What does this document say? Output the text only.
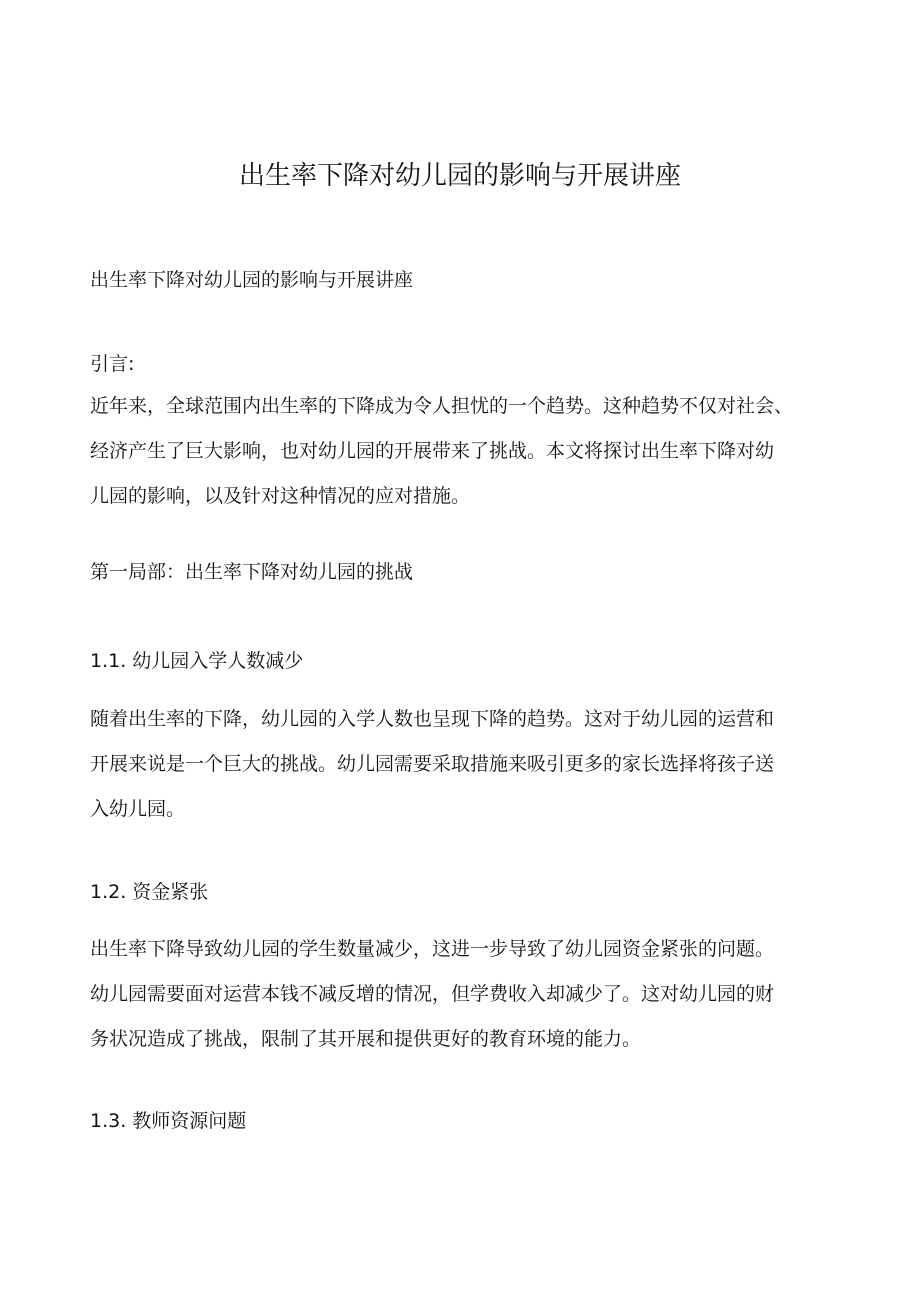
出生率下降对幼儿园的影响与开展讲座
出生率下降对幼儿园的影响与开展讲座
引言:
近年来，全球范围内出生率的下降成为令人担忧的一个趋势。这种趋势不仅对社会、
经济产生了巨大影响，也对幼儿园的开展带来了挑战。本文将探讨出生率下降对幼
儿园的影响，以及针对这种情况的应对措施。
第一局部：出生率下降对幼儿园的挑战
1.1. 幼儿园入学人数减少
随着出生率的下降，幼儿园的入学人数也呈现下降的趋势。这对于幼儿园的运营和
开展来说是一个巨大的挑战。幼儿园需要采取措施来吸引更多的家长选择将孩子送
入幼儿园。
1.2. 资金紧张
出生率下降导致幼儿园的学生数量减少，这进一步导致了幼儿园资金紧张的问题。
幼儿园需要面对运营本钱不减反增的情况，但学费收入却减少了。这对幼儿园的财
务状况造成了挑战，限制了其开展和提供更好的教育环境的能力。
1.3. 教师资源问题
